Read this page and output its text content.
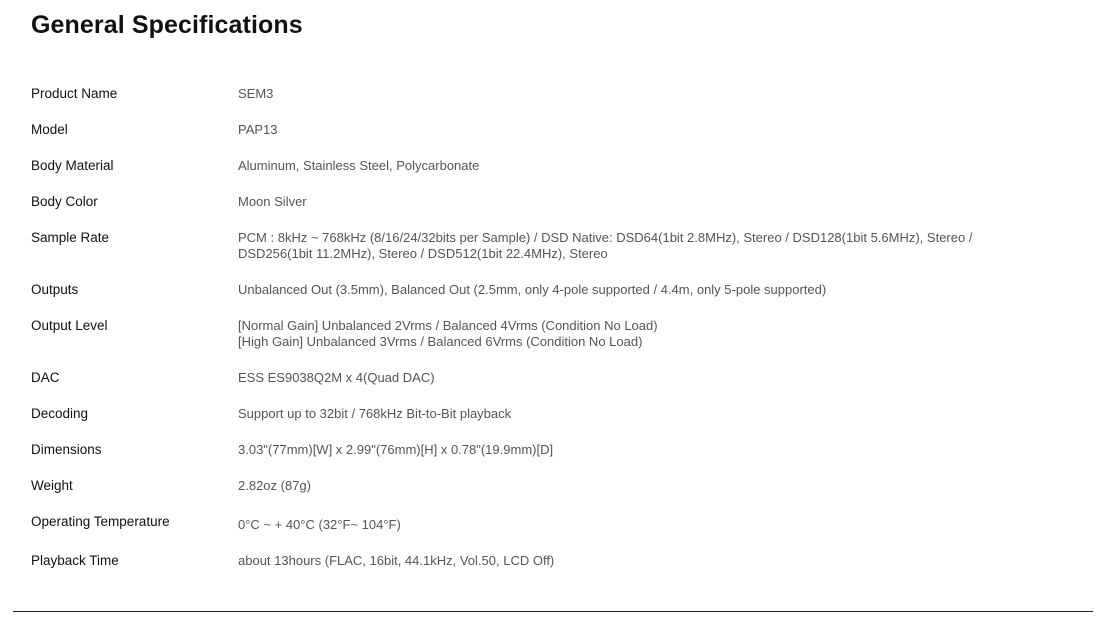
General Specifications
Product Name	SEM3
Model	PAP13
Body Material	Aluminum, Stainless Steel, Polycarbonate
Body Color	Moon Silver
Sample Rate	PCM : 8kHz ~ 768kHz (8/16/24/32bits per Sample) / DSD Native: DSD64(1bit 2.8MHz), Stereo / DSD128(1bit 5.6MHz), Stereo /
DSD256(1bit 11.2MHz), Stereo / DSD512(1bit 22.4MHz), Stereo
Outputs	Unbalanced Out (3.5mm), Balanced Out (2.5mm, only 4-pole supported / 4.4m, only 5-pole supported)
Output Level	[Normal Gain] Unbalanced 2Vrms / Balanced 4Vrms (Condition No Load)
[High Gain] Unbalanced 3Vrms / Balanced 6Vrms (Condition No Load)
DAC	ESS ES9038Q2M x 4(Quad DAC)
Decoding	Support up to 32bit / 768kHz Bit-to-Bit playback
Dimensions	3.03"(77mm)[W] x 2.99"(76mm)[H] x 0.78"(19.9mm)[D]
Weight	2.82oz (87g)
Operating Temperature	0°C ~ + 40°C (32°F~ 104°F)
Playback Time	about 13hours (FLAC, 16bit, 44.1kHz, Vol.50, LCD Off)
